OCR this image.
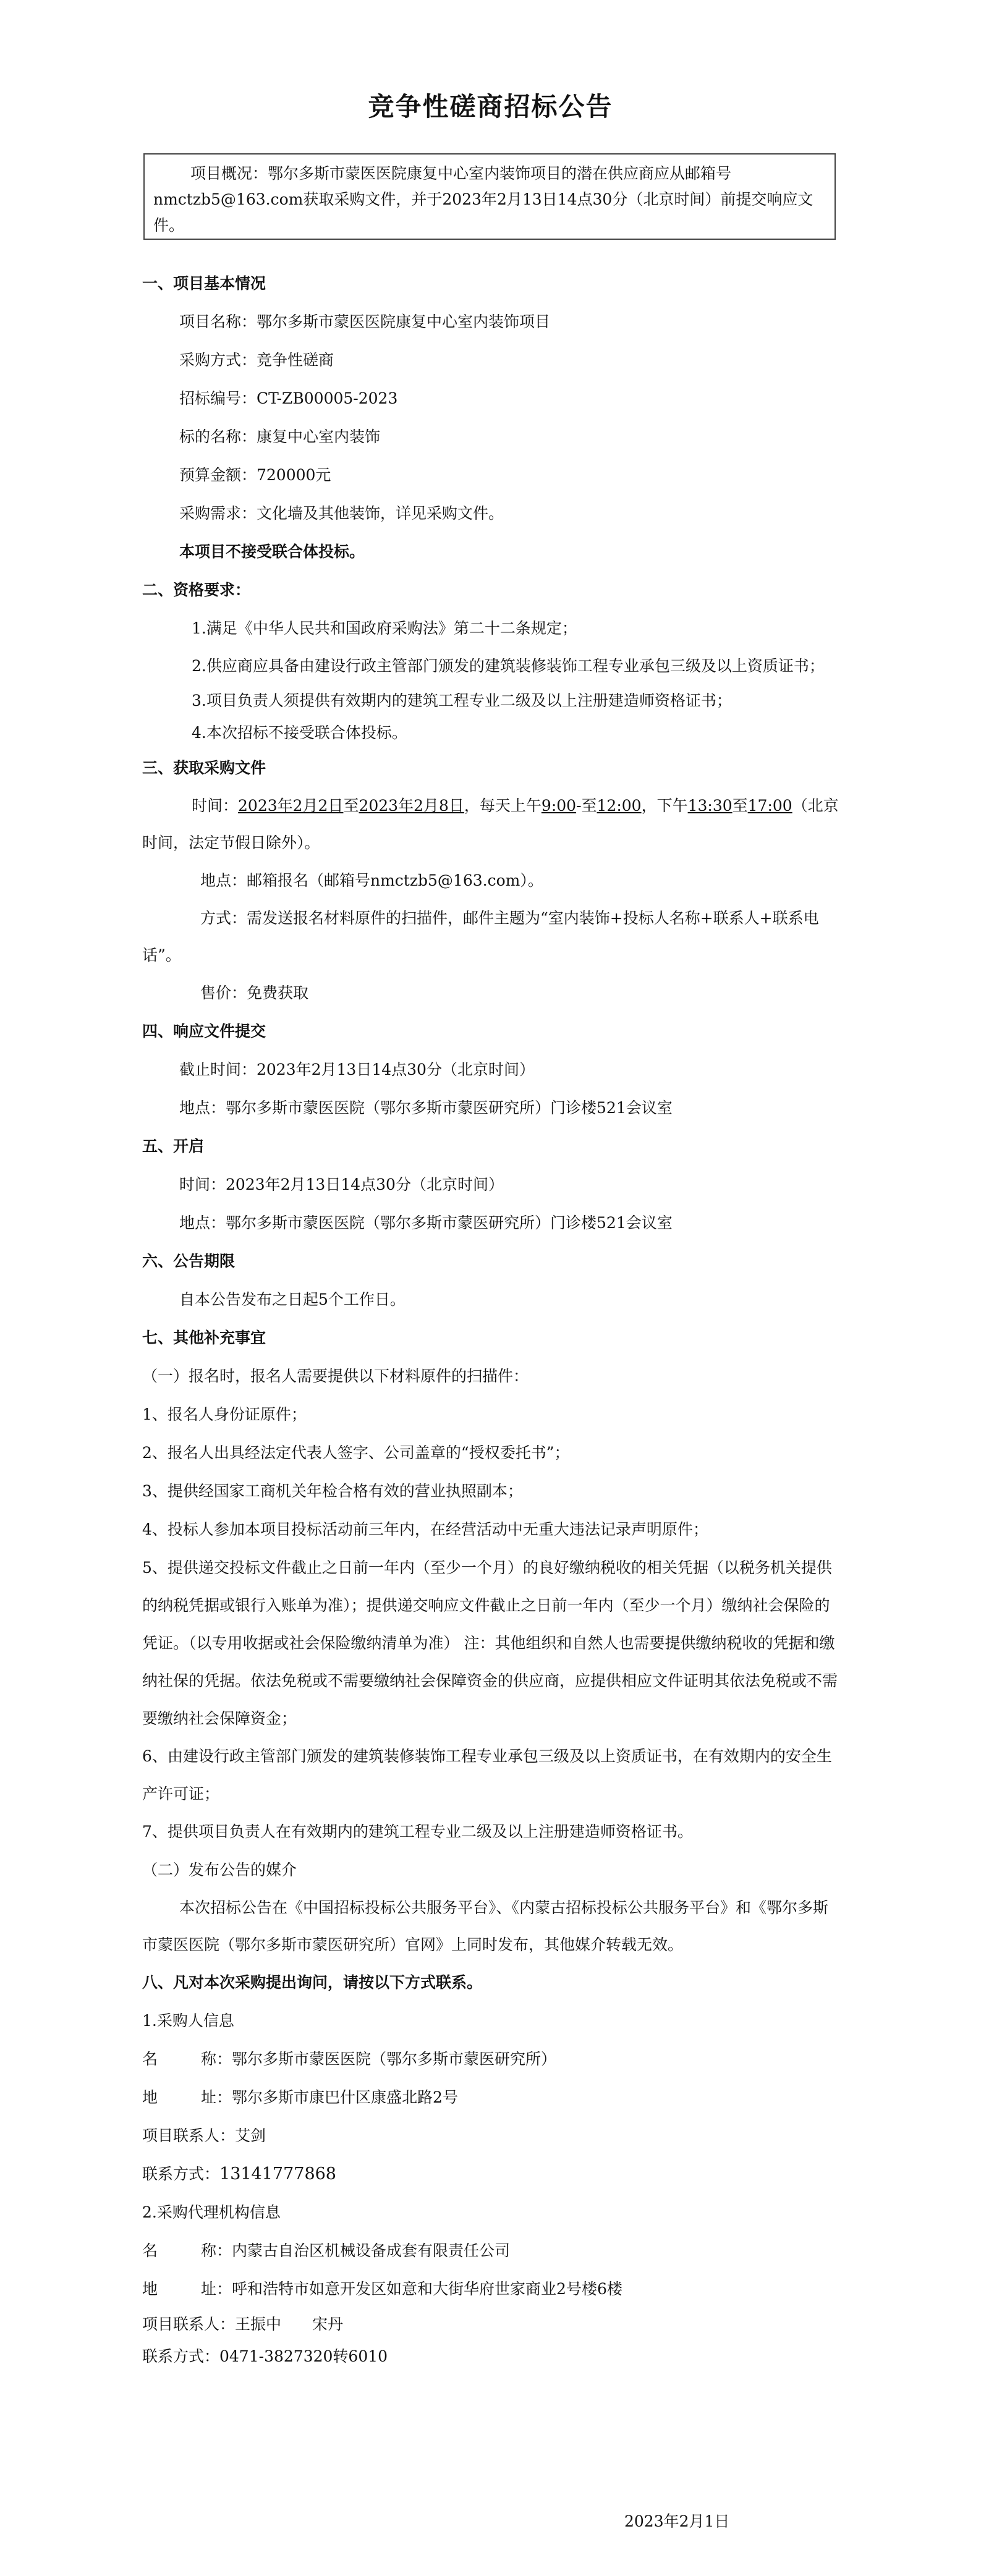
竞争性磋商招标公告
项目概况：鄂尔多斯市蒙医医院康复中心室内装饰项目的潜在供应商应从邮箱号nmctzb5@163.com获取采购文件，并于2023年2月13日14点30分（北京时间）前提交响应文件。
一、项目基本情况
项目名称：鄂尔多斯市蒙医医院康复中心室内装饰项目
采购方式：竞争性磋商
招标编号：CT-ZB00005-2023
标的名称：康复中心室内装饰
预算金额：720000元
采购需求：文化墙及其他装饰，详见采购文件。
本项目不接受联合体投标。
二、资格要求：
1.满足《中华人民共和国政府采购法》第二十二条规定；
2.供应商应具备由建设行政主管部门颁发的建筑装修装饰工程专业承包三级及以上资质证书；
3.项目负责人须提供有效期内的建筑工程专业二级及以上注册建造师资格证书；
4.本次招标不接受联合体投标。
三、获取采购文件
时间：2023年2月2日至2023年2月8日，每天上午9:00-至12:00，下午13:30至17:00（北京时间，法定节假日除外）。
地点：邮箱报名（邮箱号nmctzb5@163.com）。
方式：需发送报名材料原件的扫描件，邮件主题为“室内装饰+投标人名称+联系人+联系电话”。
售价：免费获取
四、响应文件提交
截止时间：2023年2月13日14点30分（北京时间）
地点：鄂尔多斯市蒙医医院（鄂尔多斯市蒙医研究所）门诊楼521会议室
五、开启
时间：2023年2月13日14点30分（北京时间）
地点：鄂尔多斯市蒙医医院（鄂尔多斯市蒙医研究所）门诊楼521会议室
六、公告期限
自本公告发布之日起5个工作日。
七、其他补充事宜
（一）报名时，报名人需要提供以下材料原件的扫描件：
1、报名人身份证原件；
2、报名人出具经法定代表人签字、公司盖章的“授权委托书”；
3、提供经国家工商机关年检合格有效的营业执照副本；
4、投标人参加本项目投标活动前三年内，在经营活动中无重大违法记录声明原件；
5、提供递交投标文件截止之日前一年内（至少一个月）的良好缴纳税收的相关凭据（以税务机关提供的纳税凭据或银行入账单为准）；提供递交响应文件截止之日前一年内（至少一个月）缴纳社会保险的凭证。（以专用收据或社会保险缴纳清单为准） 注：其他组织和自然人也需要提供缴纳税收的凭据和缴纳社保的凭据。依法免税或不需要缴纳社会保障资金的供应商，应提供相应文件证明其依法免税或不需要缴纳社会保障资金；
6、由建设行政主管部门颁发的建筑装修装饰工程专业承包三级及以上资质证书，在有效期内的安全生产许可证；
7、提供项目负责人在有效期内的建筑工程专业二级及以上注册建造师资格证书。
（二）发布公告的媒介
本次招标公告在《中国招标投标公共服务平台》、《内蒙古招标投标公共服务平台》和《鄂尔多斯市蒙医医院（鄂尔多斯市蒙医研究所）官网》上同时发布，其他媒介转载无效。
八、凡对本次采购提出询问，请按以下方式联系。
1.采购人信息
名	称：鄂尔多斯市蒙医医院（鄂尔多斯市蒙医研究所）
地	址：鄂尔多斯市康巴什区康盛北路2号
项目联系人：艾剑
联系方式：13141777868
2.采购代理机构信息
名	称：内蒙古自治区机械设备成套有限责任公司
地	址：呼和浩特市如意开发区如意和大街华府世家商业2号楼6楼
项目联系人：王振中 宋丹
联系方式：0471-3827320转6010
2023年2月1日
